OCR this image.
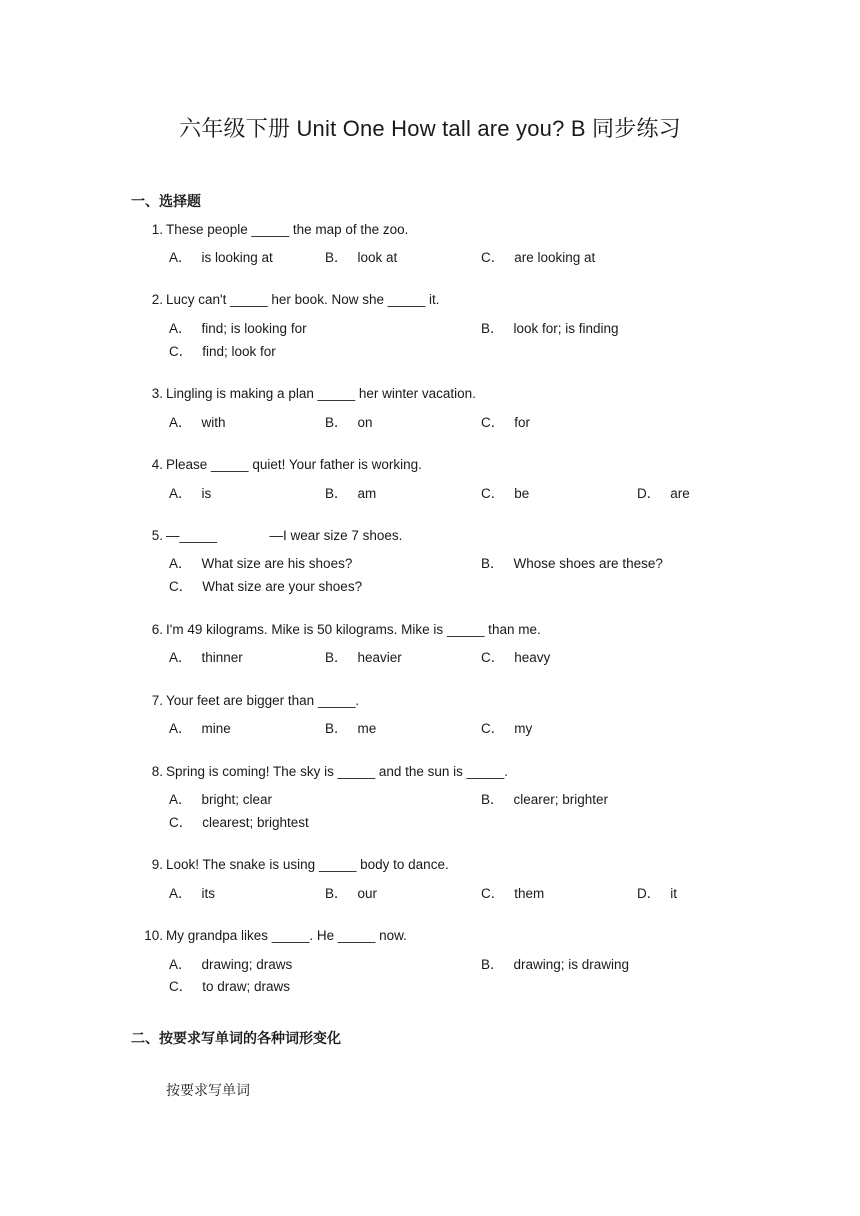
六年级下册 Unit One How tall are you? B 同步练习
一、选择题
1. These people _____ the map of the zoo.
A． is looking at	B． look at	C． are looking at
2. Lucy can't _____ her book. Now she _____ it.
A． find; is looking for	B． look for; is finding
C． find; look for
3. Lingling is making a plan _____ her winter vacation.
A． with	B． on	C． for
4. Please _____ quiet! Your father is working.
A． is	B． am	C． be	D． are
5. —_____              —I wear size 7 shoes.
A． What size are his shoes?	B． Whose shoes are these?
C． What size are your shoes?
6. I'm 49 kilograms. Mike is 50 kilograms. Mike is _____ than me.
A． thinner	B． heavier	C． heavy
7. Your feet are bigger than _____.
A． mine	B． me	C． my
8. Spring is coming! The sky is _____ and the sun is _____.
A． bright; clear	B． clearer; brighter
C． clearest; brightest
9. Look! The snake is using _____ body to dance.
A． its	B． our	C． them	D． it
10. My grandpa likes _____. He _____ now.
A． drawing; draws	B． drawing; is drawing
C． to draw; draws
二、按要求写单词的各种词形变化
按要求写单词
